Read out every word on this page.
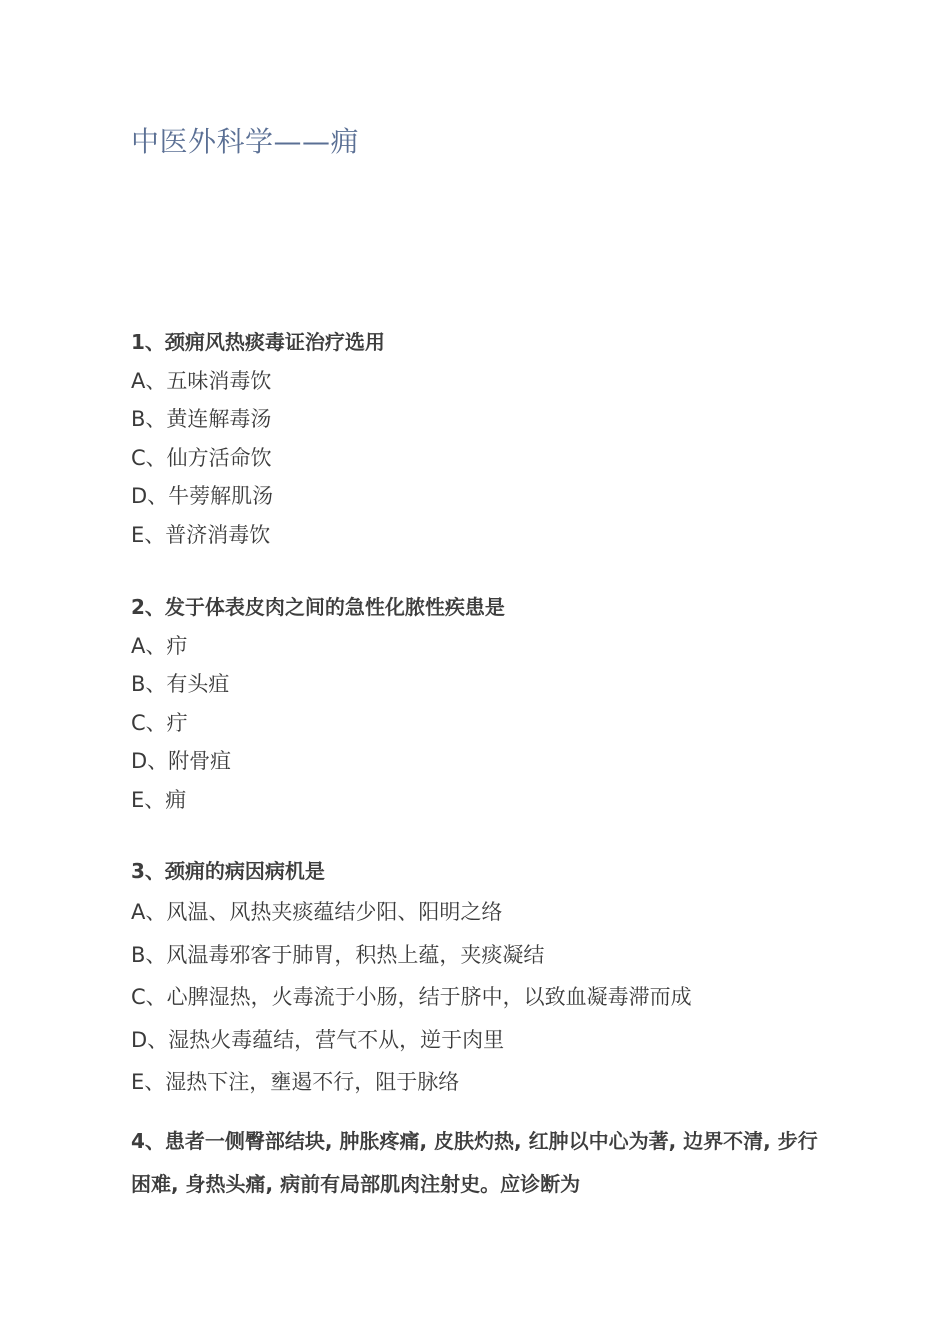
中医外科学——痈

1、颈痈风热痰毒证治疗选用

A、五味消毒饮

B、黄连解毒汤

C、仙方活命饮

D、牛蒡解肌汤

E、普济消毒饮

2、发于体表皮肉之间的急性化脓性疾患是

A、疖

B、有头疽

C、疔

D、附骨疽

E、痈

3、颈痈的病因病机是

A、风温、风热夹痰蕴结少阳、阳明之络

B、风温毒邪客于肺胃，积热上蕴，夹痰凝结

C、心脾湿热，火毒流于小肠，结于脐中，以致血凝毒滞而成

D、湿热火毒蕴结，营气不从，逆于肉里

E、湿热下注，壅遏不行，阻于脉络

4、患者一侧臀部结块, 肿胀疼痛, 皮肤灼热, 红肿以中心为著, 边界不清, 步行困难, 身热头痛, 病前有局部肌肉注射史。应诊断为
